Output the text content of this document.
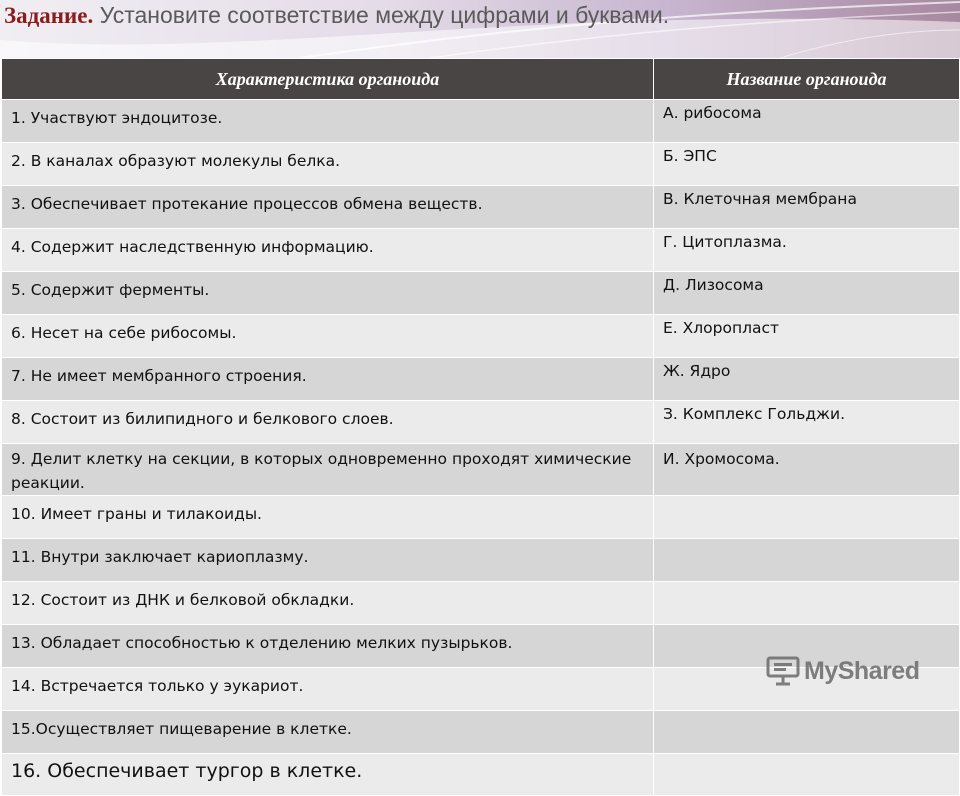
Задание. Установите соответствие между цифрами и буквами.
Характеристика органоида	Название органоида
1. Участвуют эндоцитозе.	А. рибосома
2. В каналах образуют молекулы белка.	Б. ЭПС
3. Обеспечивает протекание процессов обмена веществ.	В. Клеточная мембрана
4. Содержит наследственную информацию.	Г. Цитоплазма.
5. Содержит ферменты.	Д. Лизосома
6. Несет на себе рибосомы.	Е. Хлоропласт
7. Не имеет мембранного строения.	Ж. Ядро
8. Состоит из билипидного и белкового слоев.	З. Комплекс Гольджи.
9. Делит клетку на секции, в которых одновременно проходят химические реакции.	И. Хромосома.
10. Имеет граны и тилакоиды.	
11. Внутри заключает кариоплазму.	
12. Состоит из ДНК и белковой обкладки.	
13. Обладает способностью к отделению мелких пузырьков.	
14. Встречается только у эукариот.	
15.Осуществляет пищеварение в клетке.	
16. Обеспечивает тургор в клетке.	
MyShared
